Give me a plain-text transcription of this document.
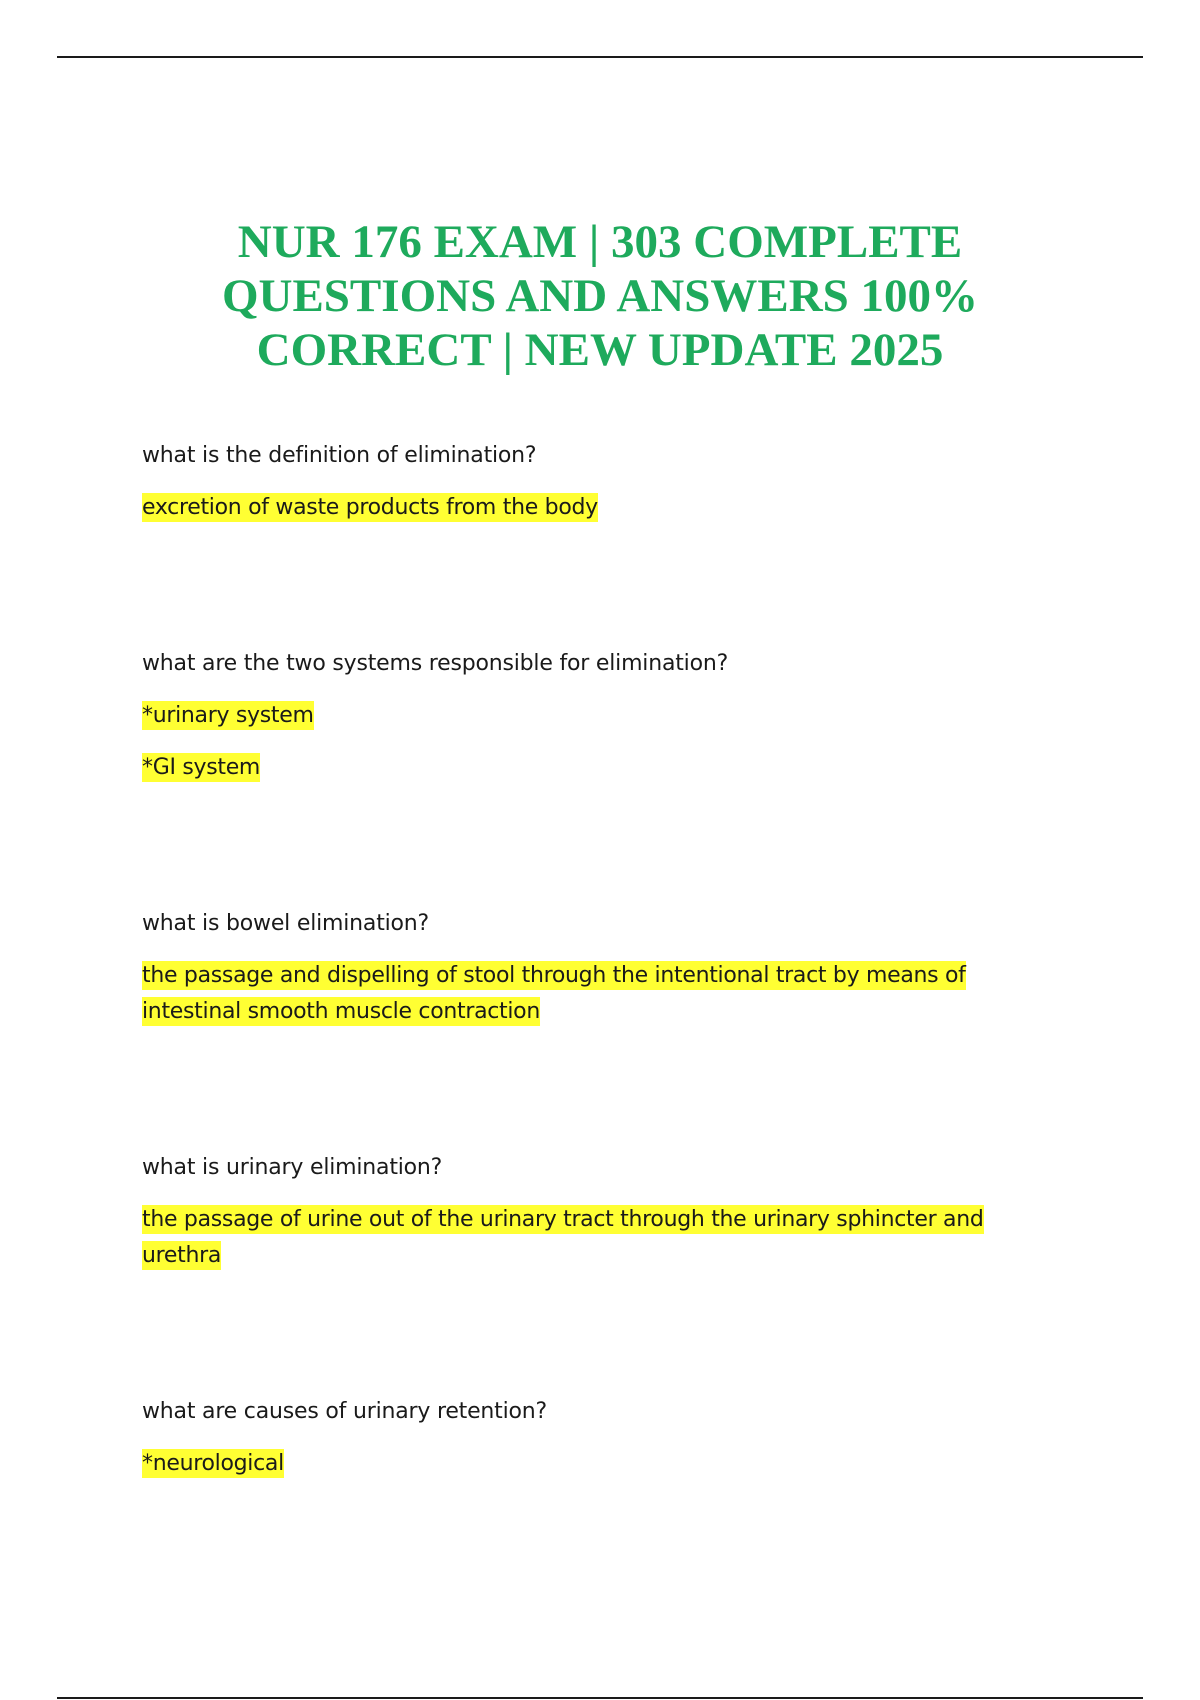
NUR 176 EXAM | 303 COMPLETE
QUESTIONS AND ANSWERS 100%
CORRECT | NEW UPDATE 2025

what is the definition of elimination?

excretion of waste products from the body

what are the two systems responsible for elimination?

*urinary system

*GI system

what is bowel elimination?

the passage and dispelling of stool through the intentional tract by means of intestinal smooth muscle contraction

what is urinary elimination?

the passage of urine out of the urinary tract through the urinary sphincter and urethra

what are causes of urinary retention?

*neurological
